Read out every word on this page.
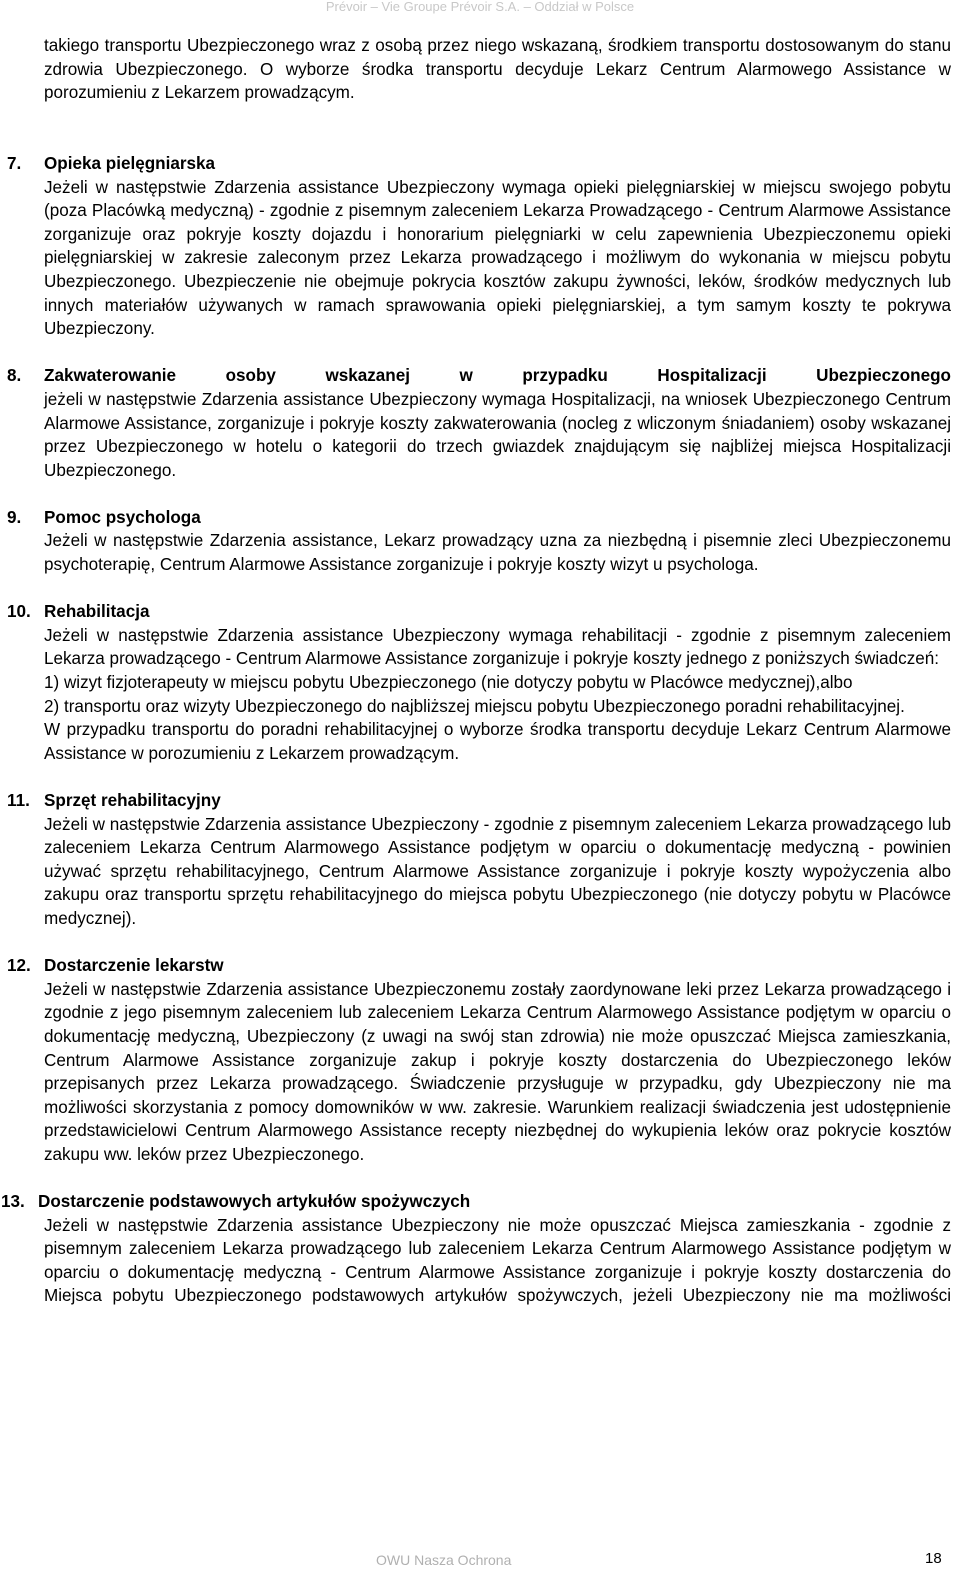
Prévoir – Vie Groupe Prévoir S.A. – Oddział w Polsce

takiego transportu Ubezpieczonego wraz z osobą przez niego wskazaną, środkiem transportu dostosowanym do stanu zdrowia Ubezpieczonego. O wyborze środka transportu decyduje Lekarz Centrum Alarmowego Assistance w porozumieniu z Lekarzem prowadzącym.

7. Opieka pielęgniarska

Jeżeli w następstwie Zdarzenia assistance Ubezpieczony wymaga opieki pielęgniarskiej w miejscu swojego pobytu (poza Placówką medyczną) - zgodnie z pisemnym zaleceniem Lekarza Prowadzącego - Centrum Alarmowe Assistance zorganizuje oraz pokryje koszty dojazdu i honorarium pielęgniarki w celu zapewnienia Ubezpieczonemu opieki pielęgniarskiej w zakresie zaleconym przez Lekarza prowadzącego i możliwym do wykonania w miejscu pobytu Ubezpieczonego. Ubezpieczenie nie obejmuje pokrycia kosztów zakupu żywności, leków, środków medycznych lub innych materiałów używanych w ramach sprawowania opieki pielęgniarskiej, a tym samym koszty te pokrywa Ubezpieczony.

8. Zakwaterowanie osoby wskazanej w przypadku Hospitalizacji Ubezpieczonego

jeżeli w następstwie Zdarzenia assistance Ubezpieczony wymaga Hospitalizacji, na wniosek Ubezpieczonego Centrum Alarmowe Assistance, zorganizuje i pokryje koszty zakwaterowania (nocleg z wliczonym śniadaniem) osoby wskazanej przez Ubezpieczonego w hotelu o kategorii do trzech gwiazdek znajdującym się najbliżej miejsca Hospitalizacji Ubezpieczonego.

9. Pomoc psychologa

Jeżeli w następstwie Zdarzenia assistance, Lekarz prowadzący uzna za niezbędną i pisemnie zleci Ubezpieczonemu psychoterapię, Centrum Alarmowe Assistance zorganizuje i pokryje koszty wizyt u psychologa.

10. Rehabilitacja

Jeżeli w następstwie Zdarzenia assistance Ubezpieczony wymaga rehabilitacji - zgodnie z pisemnym zaleceniem Lekarza prowadzącego - Centrum Alarmowe Assistance zorganizuje i pokryje koszty jednego z poniższych świadczeń:

1) wizyt fizjoterapeuty w miejscu pobytu Ubezpieczonego (nie dotyczy pobytu w Placówce medycznej),albo

2) transportu oraz wizyty Ubezpieczonego do najbliższej miejscu pobytu Ubezpieczonego poradni rehabilitacyjnej.

W przypadku transportu do poradni rehabilitacyjnej o wyborze środka transportu decyduje Lekarz Centrum Alarmowe Assistance w porozumieniu z Lekarzem prowadzącym.

11. Sprzęt rehabilitacyjny

Jeżeli w następstwie Zdarzenia assistance Ubezpieczony - zgodnie z pisemnym zaleceniem Lekarza prowadzącego lub zaleceniem Lekarza Centrum Alarmowego Assistance podjętym w oparciu o dokumentację medyczną - powinien używać sprzętu rehabilitacyjnego, Centrum Alarmowe Assistance zorganizuje i pokryje koszty wypożyczenia albo zakupu oraz transportu sprzętu rehabilitacyjnego do miejsca pobytu Ubezpieczonego (nie dotyczy pobytu w Placówce medycznej).

12. Dostarczenie lekarstw

Jeżeli w następstwie Zdarzenia assistance Ubezpieczonemu zostały zaordynowane leki przez Lekarza prowadzącego i zgodnie z jego pisemnym zaleceniem lub zaleceniem Lekarza Centrum Alarmowego Assistance podjętym w oparciu o dokumentację medyczną, Ubezpieczony (z uwagi na swój stan zdrowia) nie może opuszczać Miejsca zamieszkania, Centrum Alarmowe Assistance zorganizuje zakup i pokryje koszty dostarczenia do Ubezpieczonego leków przepisanych przez Lekarza prowadzącego. Świadczenie przysługuje w przypadku, gdy Ubezpieczony nie ma możliwości skorzystania z pomocy domowników w ww. zakresie. Warunkiem realizacji świadczenia jest udostępnienie przedstawicielowi Centrum Alarmowego Assistance recepty niezbędnej do wykupienia leków oraz pokrycie kosztów zakupu ww. leków przez Ubezpieczonego.

13. Dostarczenie podstawowych artykułów spożywczych

Jeżeli w następstwie Zdarzenia assistance Ubezpieczony nie może opuszczać Miejsca zamieszkania - zgodnie z pisemnym zaleceniem Lekarza prowadzącego lub zaleceniem Lekarza Centrum Alarmowego Assistance podjętym w oparciu o dokumentację medyczną - Centrum Alarmowe Assistance zorganizuje i pokryje koszty dostarczenia do Miejsca pobytu Ubezpieczonego podstawowych artykułów spożywczych, jeżeli Ubezpieczony nie ma możliwości

OWU Nasza Ochrona	18
